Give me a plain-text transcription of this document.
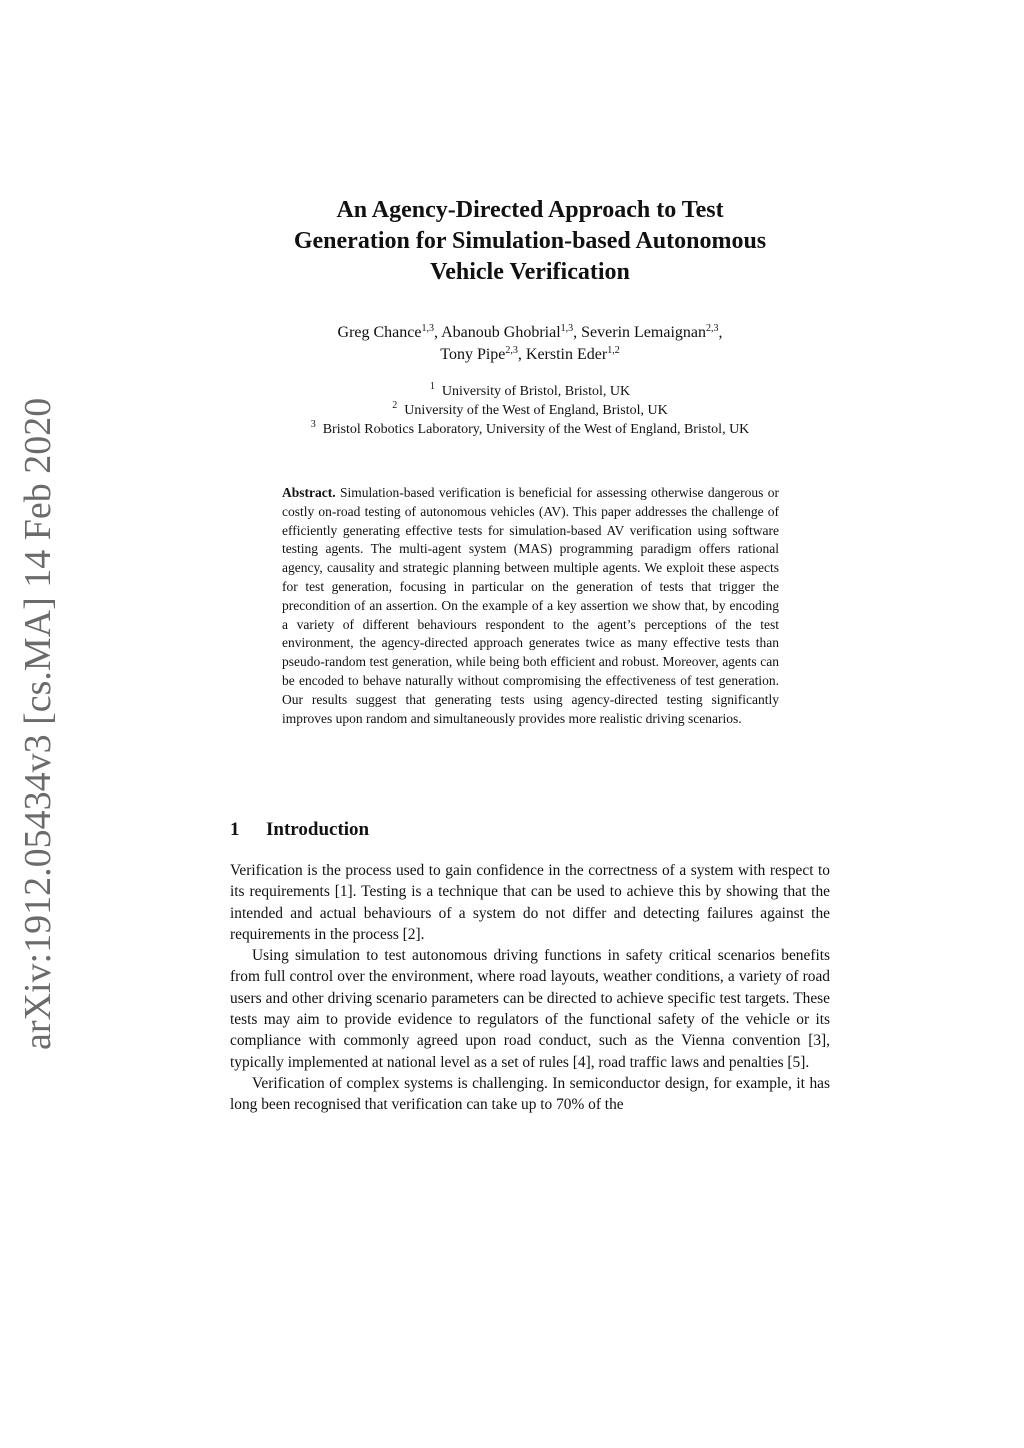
arXiv:1912.05434v3 [cs.MA] 14 Feb 2020
An Agency-Directed Approach to Test
Generation for Simulation-based Autonomous
Vehicle Verification
Greg Chance$^{1,3}$, Abanoub Ghobrial$^{1,3}$, Severin Lemaignan$^{2,3}$,
Tony Pipe$^{2,3}$, Kerstin Eder$^{1,2}$
$^1$ University of Bristol, Bristol, UK
$^2$ University of the West of England, Bristol, UK
$^3$ Bristol Robotics Laboratory, University of the West of England, Bristol, UK
Abstract. Simulation-based verification is beneficial for assessing otherwise dangerous or costly on-road testing of autonomous vehicles (AV). This paper addresses the challenge of efficiently generating effective tests for simulation-based AV verification using software testing agents. The multi-agent system (MAS) programming paradigm offers rational agency, causality and strategic planning between multiple agents. We exploit these aspects for test generation, focusing in particular on the generation of tests that trigger the precondition of an assertion. On the example of a key assertion we show that, by encoding a variety of different behaviours respondent to the agent’s perceptions of the test environment, the agency-directed approach generates twice as many effective tests than pseudo-random test generation, while being both efficient and robust. Moreover, agents can be encoded to behave naturally without compromising the effectiveness of test generation. Our results suggest that generating tests using agency-directed testing significantly improves upon random and simultaneously provides more realistic driving scenarios.
1 Introduction

Verification is the process used to gain confidence in the correctness of a system with respect to its requirements [1]. Testing is a technique that can be used to achieve this by showing that the intended and actual behaviours of a system do not differ and detecting failures against the requirements in the process [2].

Using simulation to test autonomous driving functions in safety critical scenarios benefits from full control over the environment, where road layouts, weather conditions, a variety of road users and other driving scenario parameters can be directed to achieve specific test targets. These tests may aim to provide evidence to regulators of the functional safety of the vehicle or its compliance with commonly agreed upon road conduct, such as the Vienna convention [3], typically implemented at national level as a set of rules [4], road traffic laws and penalties [5].

Verification of complex systems is challenging. In semiconductor design, for example, it has long been recognised that verification can take up to 70% of the
